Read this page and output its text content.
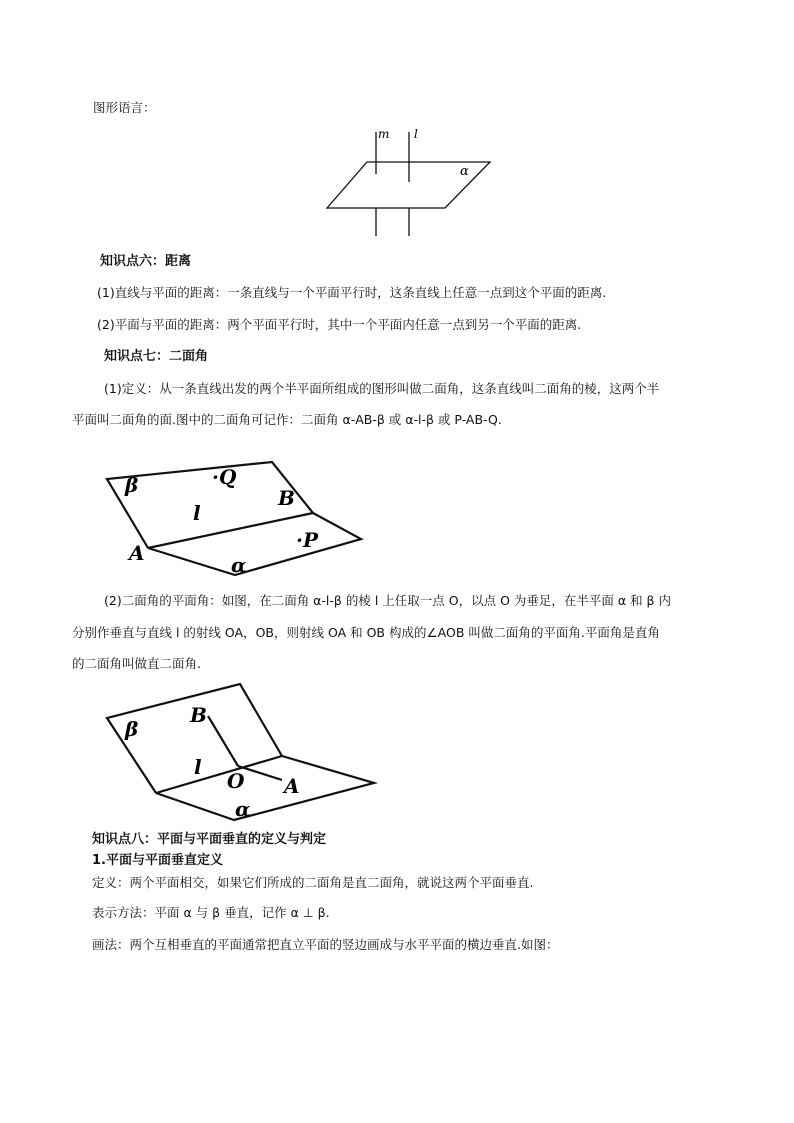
图形语言：
m l
α
知识点六：距离
(1)直线与平面的距离：一条直线与一个平面平行时，这条直线上任意一点到这个平面的距离.
(2)平面与平面的距离：两个平面平行时，其中一个平面内任意一点到另一个平面的距离.
知识点七：二面角
(1)定义：从一条直线出发的两个半平面所组成的图形叫做二面角，这条直线叫二面角的棱，这两个半
平面叫二面角的面.图中的二面角可记作：二面角 α-AB-β 或 α-l-β 或 P-AB-Q.
β	·Q
l
B
A
·P
α
(2)二面角的平面角：如图，在二面角 α-l-β 的棱 l 上任取一点 O，以点 O 为垂足，在半平面 α 和 β 内
分别作垂直与直线 l 的射线 OA，OB，则射线 OA 和 OB 构成的∠AOB 叫做二面角的平面角.平面角是直角
的二面角叫做直二面角.
β
B
l
O A
α
知识点八：平面与平面垂直的定义与判定
1.平面与平面垂直定义
定义：两个平面相交，如果它们所成的二面角是直二面角，就说这两个平面垂直.
表示方法：平面 α 与 β 垂直，记作 α ⊥ β.
画法：两个互相垂直的平面通常把直立平面的竖边画成与水平平面的横边垂直.如图：
